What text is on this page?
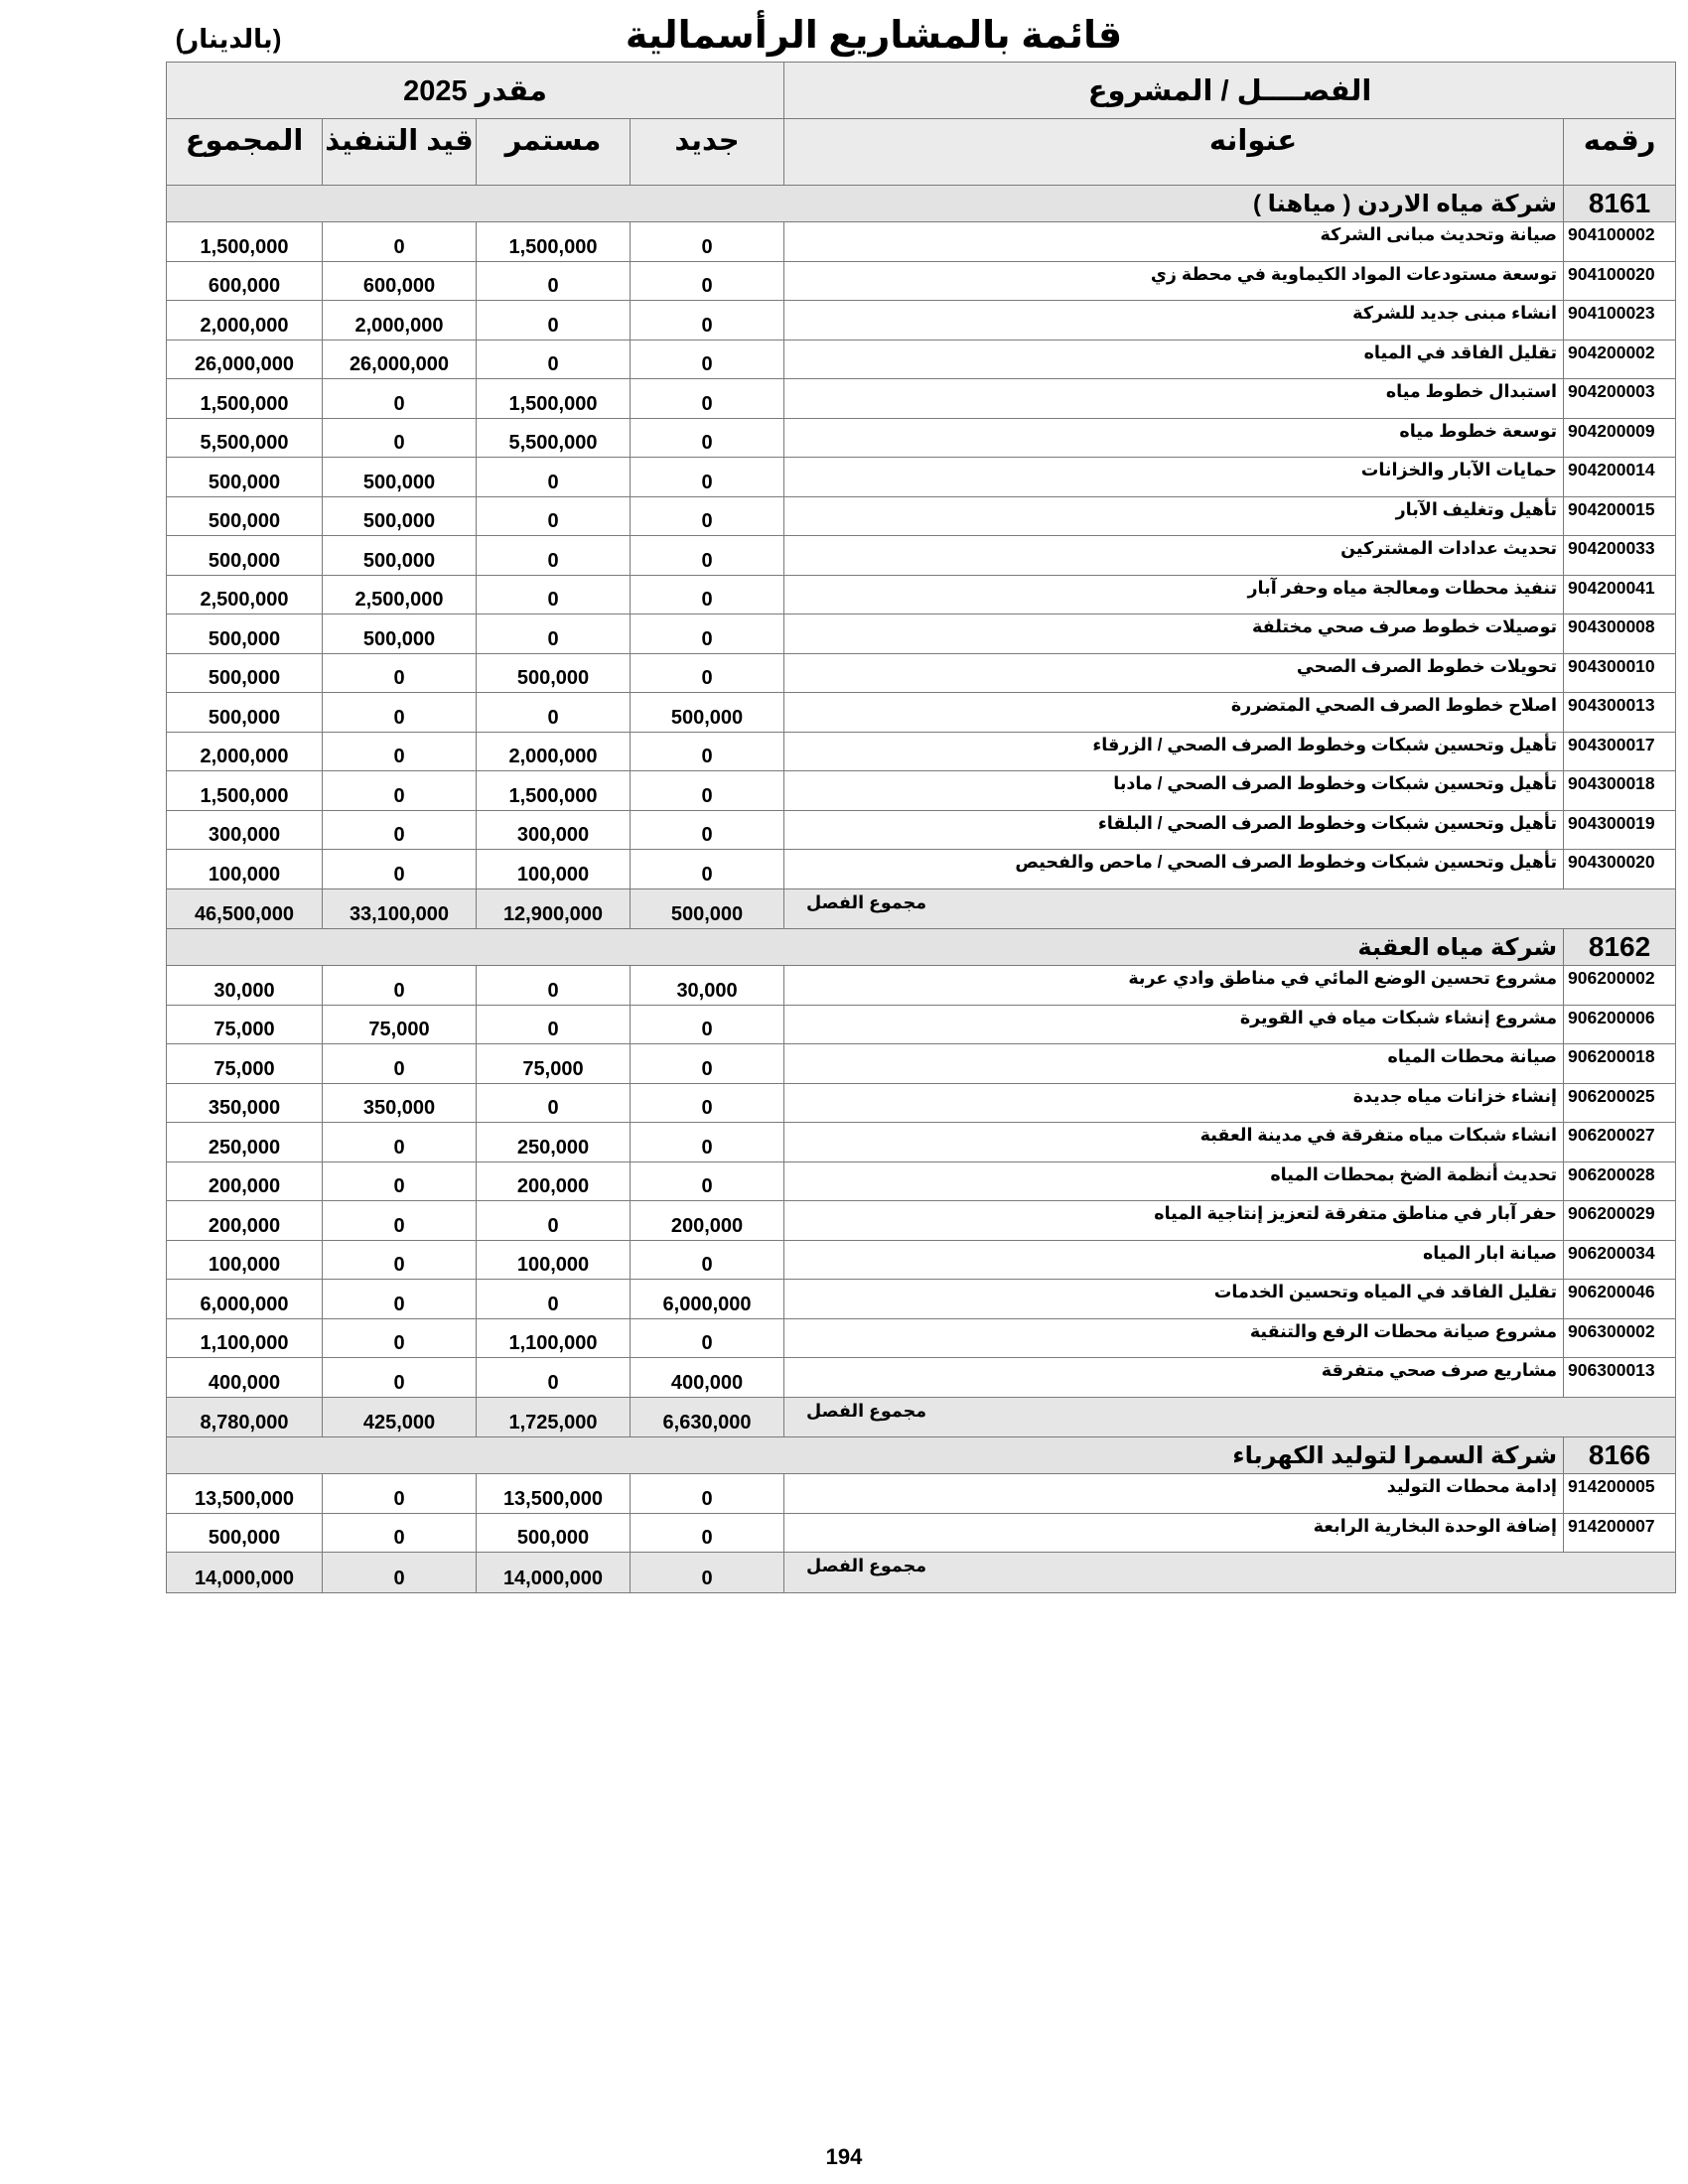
قائمة بالمشاريع الرأسمالية
(بالدينار)
مقدر 2025				الفصــــل / المشروع	
المجموع	قيد التنفيذ	مستمر	جديد	عنوانه	رقمه
شركة مياه الاردن ( مياهنا )					8161
1,500,000	0	1,500,000	0	صيانة وتحديث مبانى الشركة	904100002
600,000	600,000	0	0	توسعة مستودعات المواد الكيماوية في محطة زي	904100020
2,000,000	2,000,000	0	0	انشاء مبنى جديد للشركة	904100023
26,000,000	26,000,000	0	0	تقليل الفاقد في المياه	904200002
1,500,000	0	1,500,000	0	استبدال خطوط مياه	904200003
5,500,000	0	5,500,000	0	توسعة خطوط مياه	904200009
500,000	500,000	0	0	حمايات الآبار والخزانات	904200014
500,000	500,000	0	0	تأهيل وتغليف الآبار	904200015
500,000	500,000	0	0	تحديث عدادات المشتركين	904200033
2,500,000	2,500,000	0	0	تنفيذ محطات ومعالجة مياه وحفر آبار	904200041
500,000	500,000	0	0	توصيلات خطوط صرف صحي مختلفة	904300008
500,000	0	500,000	0	تحويلات خطوط الصرف الصحي	904300010
500,000	0	0	500,000	اصلاح خطوط الصرف الصحي المتضررة	904300013
2,000,000	0	2,000,000	0	تأهيل وتحسين شبكات وخطوط الصرف الصحي / الزرقاء	904300017
1,500,000	0	1,500,000	0	تأهيل وتحسين شبكات وخطوط الصرف الصحي / مادبا	904300018
300,000	0	300,000	0	تأهيل وتحسين شبكات وخطوط الصرف الصحي / البلقاء	904300019
100,000	0	100,000	0	تأهيل وتحسين شبكات وخطوط الصرف الصحي / ماحص والفحيص	904300020
46,500,000	33,100,000	12,900,000	500,000	مجموع الفصل	
شركة مياه العقبة					8162
30,000	0	0	30,000	مشروع تحسين الوضع المائي في مناطق وادي عربة	906200002
75,000	75,000	0	0	مشروع إنشاء شبكات مياه في القويرة	906200006
75,000	0	75,000	0	صيانة محطات المياه	906200018
350,000	350,000	0	0	إنشاء خزانات مياه جديدة	906200025
250,000	0	250,000	0	انشاء شبكات مياه متفرقة في مدينة العقبة	906200027
200,000	0	200,000	0	تحديث أنظمة الضخ بمحطات المياه	906200028
200,000	0	0	200,000	حفر آبار في مناطق متفرقة لتعزيز إنتاجية المياه	906200029
100,000	0	100,000	0	صيانة ابار المياه	906200034
6,000,000	0	0	6,000,000	تقليل الفاقد في المياه وتحسين الخدمات	906200046
1,100,000	0	1,100,000	0	مشروع صيانة محطات الرفع والتنقية	906300002
400,000	0	0	400,000	مشاريع صرف صحي متفرقة	906300013
8,780,000	425,000	1,725,000	6,630,000	مجموع الفصل	
شركة السمرا لتوليد الكهرباء					8166
13,500,000	0	13,500,000	0	إدامة محطات التوليد	914200005
500,000	0	500,000	0	إضافة الوحدة البخارية الرابعة	914200007
14,000,000	0	14,000,000	0	مجموع الفصل	
194
